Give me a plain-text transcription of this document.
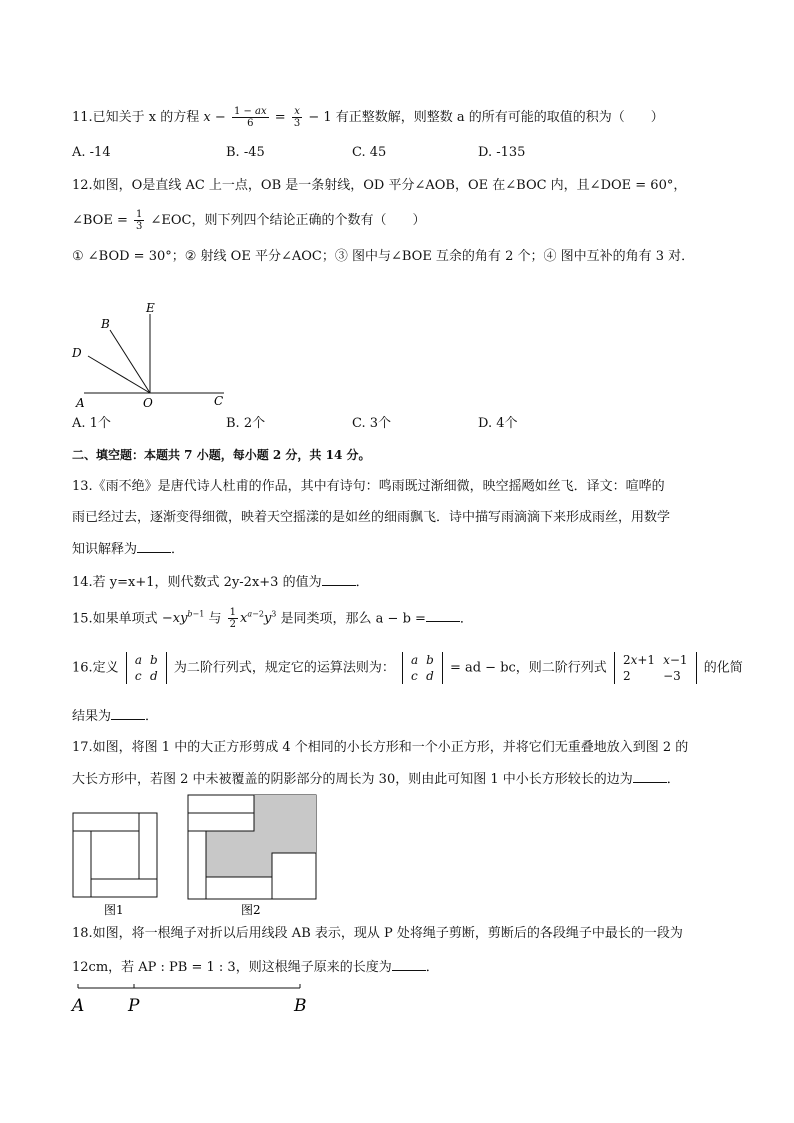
11.已知关于 x 的方程 $x - \frac{1 - ax}{6} = \frac{x}{3} - 1$ 有正整数解，则整数 a 的所有可能的取值的积为（　　）
A. -14	B. -45	C. 45	D. -135
12.如图，O是直线 AC 上一点，OB 是一条射线，OD 平分∠AOB，OE 在∠BOC 内，且∠DOE = 60°，
∠BOE = $\frac{1}{3}$ ∠EOC，则下列四个结论正确的个数有（　　）
① ∠BOD = 30°；② 射线 OE 平分∠AOC；③ 图中与∠BOE 互余的角有 2 个；④ 图中互补的角有 3 对．
E
B
D
A	O	C
A. 1个	B. 2个	C. 3个	D. 4个
二、填空题：本题共 7 小题，每小题 2 分，共 14 分。
13.《雨不绝》是唐代诗人杜甫的作品，其中有诗句：鸣雨既过渐细微，映空摇飏如丝飞．译文：喧哗的
雨已经过去，逐渐变得细微，映着天空摇漾的是如丝的细雨飘飞．诗中描写雨滴滴下来形成雨丝，用数学
知识解释为	．
14.若 y=x+1，则代数式 2y-2x+3 的值为	．
15.如果单项式 $-xy^{b-1}$ 与 $\frac{1}{2} x^{a-2}y^3$ 是同类项，那么 a − b =	．
16.定义
a	b
c	d
为二阶行列式，规定它的运算法则为：
a	b
c	d
= ad − bc，则二阶行列式
2x+1	x−1
2	−3
的化简
结果为	．
17.如图，将图 1 中的大正方形剪成 4 个相同的小长方形和一个小正方形，并将它们无重叠地放入到图 2 的
大长方形中，若图 2 中未被覆盖的阴影部分的周长为 30，则由此可知图 1 中小长方形较长的边为	．
图1	图2
18.如图，将一根绳子对折以后用线段 AB 表示，现从 P 处将绳子剪断，剪断后的各段绳子中最长的一段为
12cm，若 AP : PB = 1 : 3，则这根绳子原来的长度为	．
A	P	B
